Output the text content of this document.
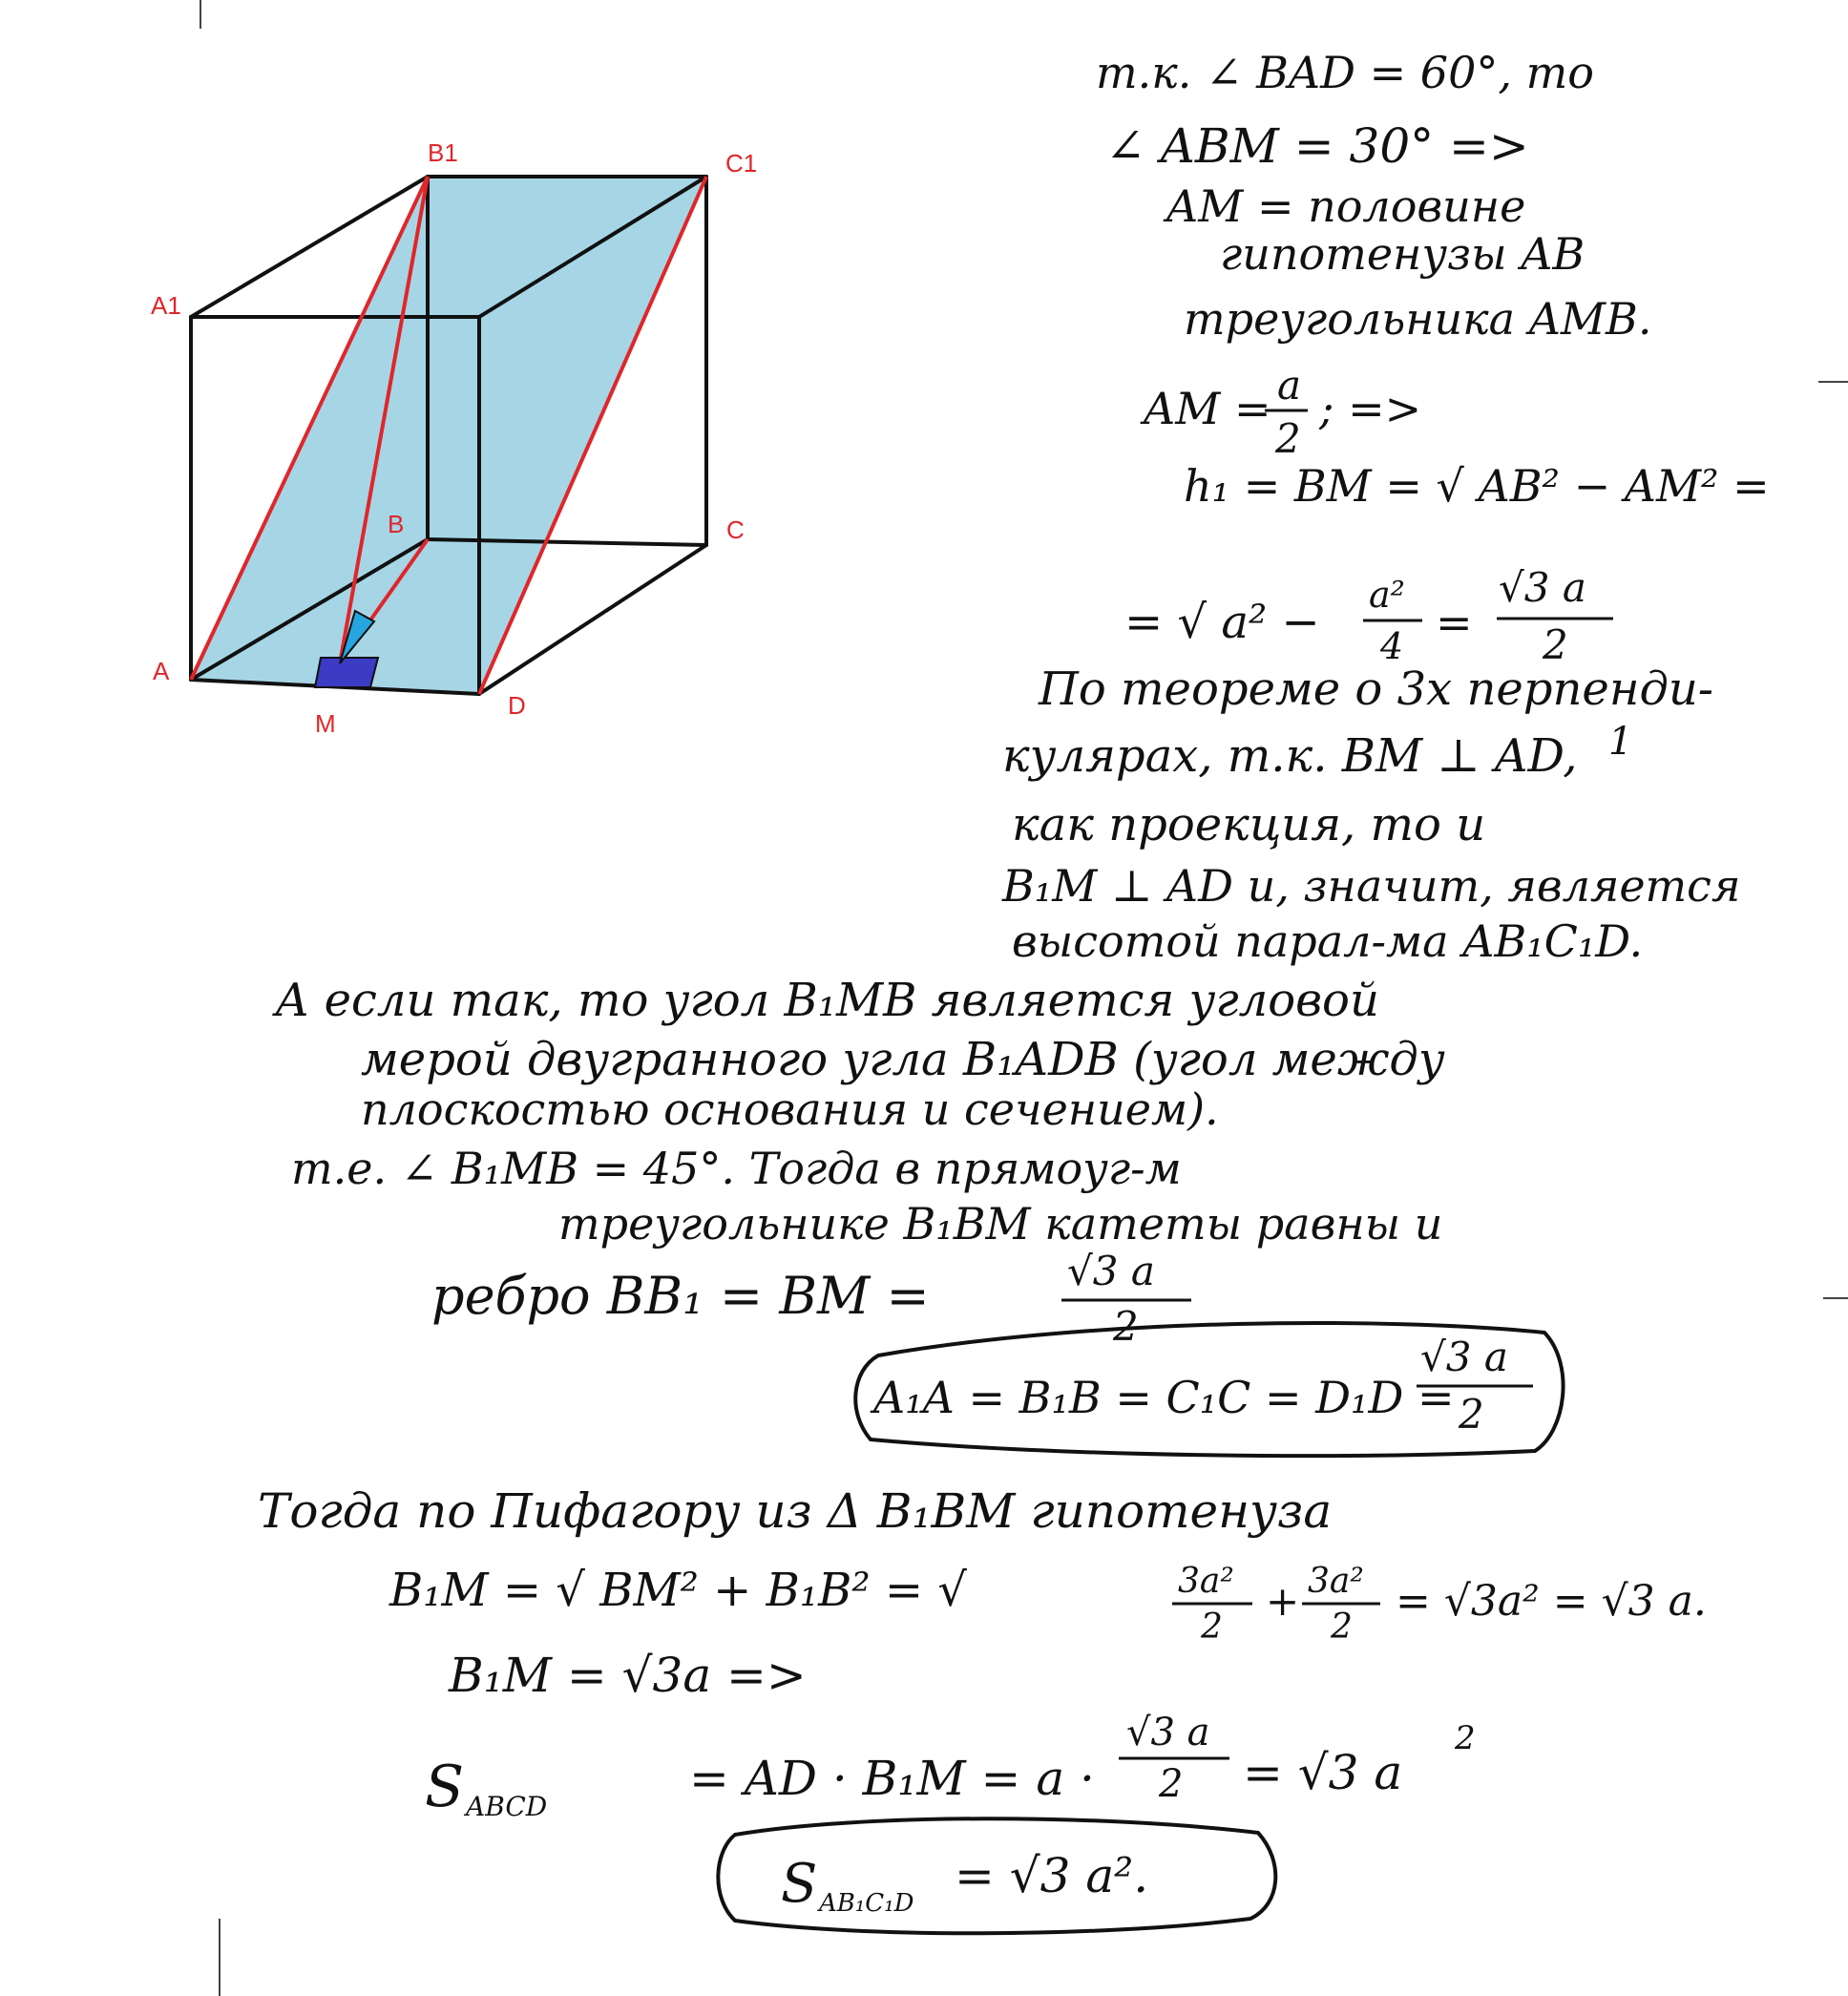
B1	C1
A1
B	C
A
M
D
т.к. ∠ BAD = 60°, то
∠ ABM = 30° =>
AM = половине
гипотенузы AB
треугольника AMB.
AM = a
2
; =>
h₁ = BM = √ AB² − AM² =
= √ a² −
a²
4 =
√3 a
2
По теореме о 3х перпенди-
кулярах, т.к. BM ⊥ AD, 1
как проекция, то и
B₁M ⊥ AD и, значит, является
высотой парал-ма AB₁C₁D.
А если так, то угол B₁MB является угловой
мерой двугранного угла B₁ADB (угол между
плоскостью основания и сечением).
т.е. ∠ B₁MB = 45°. Тогда в прямоуг-м
треугольнике B₁BM катеты равны и
ребро BB₁ = BM =	√3 a
2
A₁A = B₁B = C₁C = D₁D =
√3 a
2
Тогда по Пифагору из Δ B₁BM гипотенуза
B₁M = √ BM² + B₁B² = √	3a²
2
+ 3a²
2
= √3a² = √3 a.
B₁M = √3a =>
S ABCD
= AD · B₁M = a ·
√3 a
2 = √3 a
2
S AB₁C₁D = √3 a².
